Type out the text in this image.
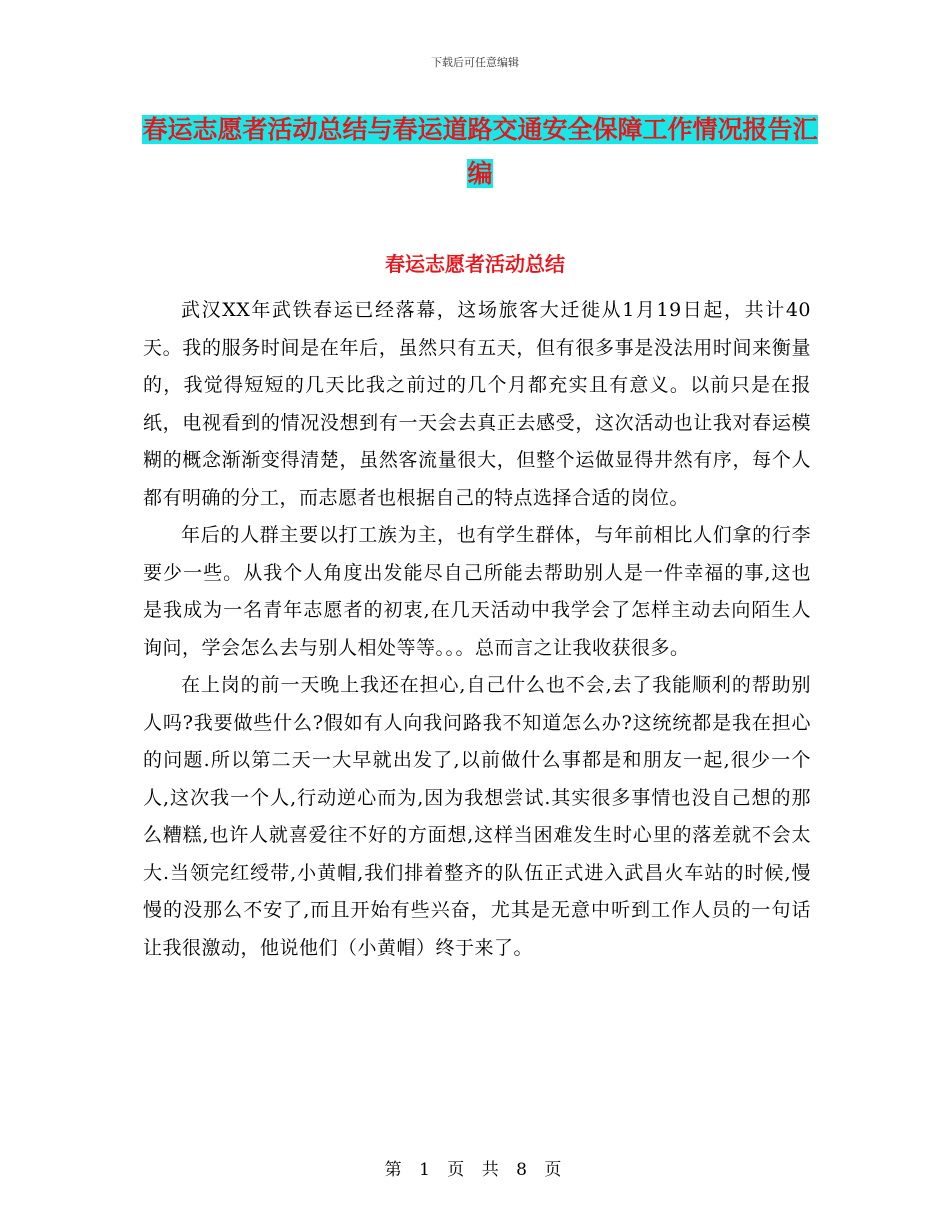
下载后可任意编辑
春运志愿者活动总结与春运道路交通安全保障工作情况报告汇编
春运志愿者活动总结

武汉XX年武铁春运已经落幕，这场旅客大迁徙从1月19日起，共计40天。我的服务时间是在年后，虽然只有五天，但有很多事是没法用时间来衡量的，我觉得短短的几天比我之前过的几个月都充实且有意义。以前只是在报纸，电视看到的情况没想到有一天会去真正去感受，这次活动也让我对春运模糊的概念渐渐变得清楚，虽然客流量很大，但整个运做显得井然有序，每个人都有明确的分工，而志愿者也根据自己的特点选择合适的岗位。

年后的人群主要以打工族为主，也有学生群体，与年前相比人们拿的行李要少一些。从我个人角度出发能尽自己所能去帮助别人是一件幸福的事,这也是我成为一名青年志愿者的初衷,在几天活动中我学会了怎样主动去向陌生人询问，学会怎么去与别人相处等等。。。总而言之让我收获很多。

在上岗的前一天晚上我还在担心,自己什么也不会,去了我能顺利的帮助别人吗?我要做些什么?假如有人向我问路我不知道怎么办?这统统都是我在担心的问题.所以第二天一大早就出发了,以前做什么事都是和朋友一起,很少一个人,这次我一个人,行动逆心而为,因为我想尝试.其实很多事情也没自己想的那么糟糕,也许人就喜爱往不好的方面想,这样当困难发生时心里的落差就不会太大.当领完红绶带,小黄帽,我们排着整齐的队伍正式进入武昌火车站的时候,慢慢的没那么不安了,而且开始有些兴奋，尤其是无意中听到工作人员的一句话让我很激动，他说他们（小黄帽）终于来了。

第 1 页 共 8 页
